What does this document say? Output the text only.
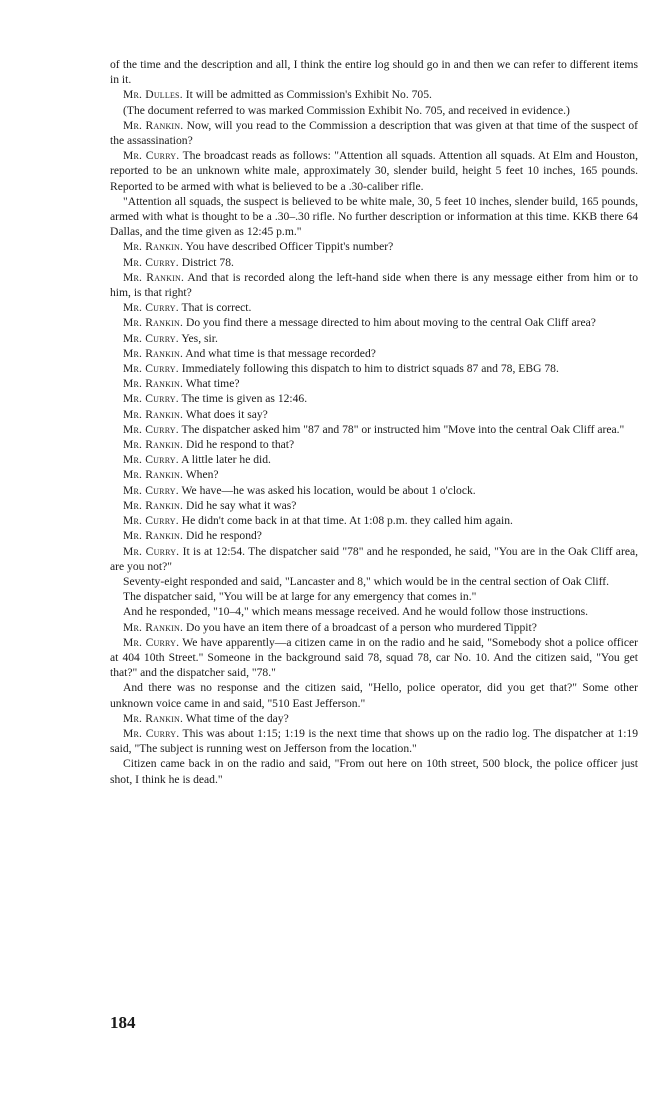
of the time and the description and all, I think the entire log should go in and then we can refer to different items in it.

Mr. Dulles. It will be admitted as Commission's Exhibit No. 705.

(The document referred to was marked Commission Exhibit No. 705, and received in evidence.)

Mr. Rankin. Now, will you read to the Commission a description that was given at that time of the suspect of the assassination?

Mr. Curry. The broadcast reads as follows: "Attention all squads. Attention all squads. At Elm and Houston, reported to be an unknown white male, approximately 30, slender build, height 5 feet 10 inches, 165 pounds. Reported to be armed with what is believed to be a .30-caliber rifle.

"Attention all squads, the suspect is believed to be white male, 30, 5 feet 10 inches, slender build, 165 pounds, armed with what is thought to be a .30–.30 rifle. No further description or information at this time. KKB there 64 Dallas, and the time given as 12:45 p.m."

Mr. Rankin. You have described Officer Tippit's number?

Mr. Curry. District 78.

Mr. Rankin. And that is recorded along the left-hand side when there is any message either from him or to him, is that right?

Mr. Curry. That is correct.

Mr. Rankin. Do you find there a message directed to him about moving to the central Oak Cliff area?

Mr. Curry. Yes, sir.

Mr. Rankin. And what time is that message recorded?

Mr. Curry. Immediately following this dispatch to him to district squads 87 and 78, EBG 78.

Mr. Rankin. What time?

Mr. Curry. The time is given as 12:46.

Mr. Rankin. What does it say?

Mr. Curry. The dispatcher asked him "87 and 78" or instructed him "Move into the central Oak Cliff area."

Mr. Rankin. Did he respond to that?

Mr. Curry. A little later he did.

Mr. Rankin. When?

Mr. Curry. We have—he was asked his location, would be about 1 o'clock.

Mr. Rankin. Did he say what it was?

Mr. Curry. He didn't come back in at that time. At 1:08 p.m. they called him again.

Mr. Rankin. Did he respond?

Mr. Curry. It is at 12:54. The dispatcher said "78" and he responded, he said, "You are in the Oak Cliff area, are you not?"

Seventy-eight responded and said, "Lancaster and 8," which would be in the central section of Oak Cliff.

The dispatcher said, "You will be at large for any emergency that comes in."

And he responded, "10–4," which means message received. And he would follow those instructions.

Mr. Rankin. Do you have an item there of a broadcast of a person who murdered Tippit?

Mr. Curry. We have apparently—a citizen came in on the radio and he said, "Somebody shot a police officer at 404 10th Street." Someone in the background said 78, squad 78, car No. 10. And the citizen said, "You get that?" and the dispatcher said, "78."

And there was no response and the citizen said, "Hello, police operator, did you get that?" Some other unknown voice came in and said, "510 East Jefferson."

Mr. Rankin. What time of the day?

Mr. Curry. This was about 1:15; 1:19 is the next time that shows up on the radio log. The dispatcher at 1:19 said, "The subject is running west on Jefferson from the location."

Citizen came back in on the radio and said, "From out here on 10th street, 500 block, the police officer just shot, I think he is dead."

184
